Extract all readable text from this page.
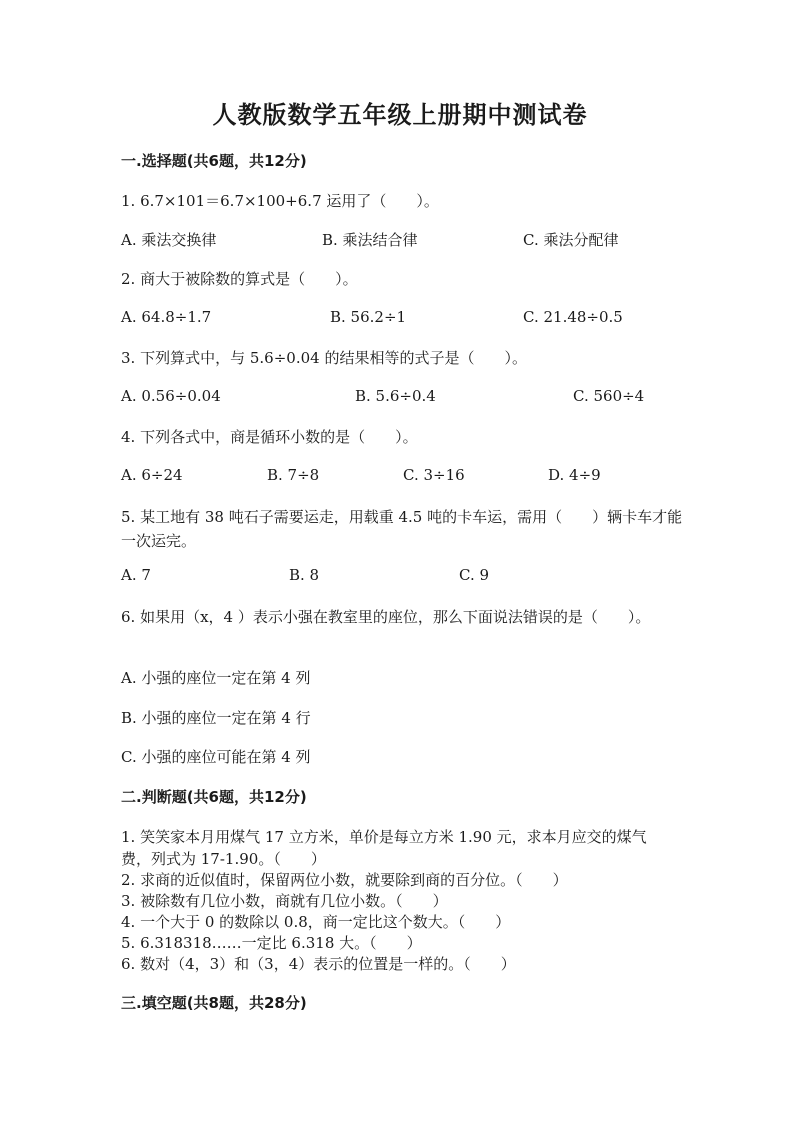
人教版数学五年级上册期中测试卷
一.选择题(共6题，共12分)
1. 6.7×101＝6.7×100+6.7 运用了（　　）。
A. 乘法交换律	B. 乘法结合律	C. 乘法分配律
2. 商大于被除数的算式是（　　）。
A. 64.8÷1.7	B. 56.2÷1	C. 21.48÷0.5
3. 下列算式中，与 5.6÷0.04 的结果相等的式子是（　　）。
A. 0.56÷0.04	B. 5.6÷0.4	C. 560÷4
4. 下列各式中，商是循环小数的是（　　）。
A. 6÷24	B. 7÷8	C. 3÷16	D. 4÷9
5. 某工地有 38 吨石子需要运走，用载重 4.5 吨的卡车运，需用（　　）辆卡车才能一次运完。
A. 7	B. 8	C. 9
6. 如果用（x，4 ）表示小强在教室里的座位，那么下面说法错误的是（　　）。
A. 小强的座位一定在第 4 列
B. 小强的座位一定在第 4 行
C. 小强的座位可能在第 4 列
二.判断题(共6题，共12分)
1. 笑笑家本月用煤气 17 立方米，单价是每立方米 1.90 元，求本月应交的煤气
费，列式为 17-1.90。（　　）
2. 求商的近似值时，保留两位小数，就要除到商的百分位。（　　）
3. 被除数有几位小数，商就有几位小数。（　　）
4. 一个大于 0 的数除以 0.8，商一定比这个数大。（　　）
5. 6.318318……一定比 6.318 大。（　　）
6. 数对（4，3）和（3，4）表示的位置是一样的。（　　）
三.填空题(共8题，共28分)
